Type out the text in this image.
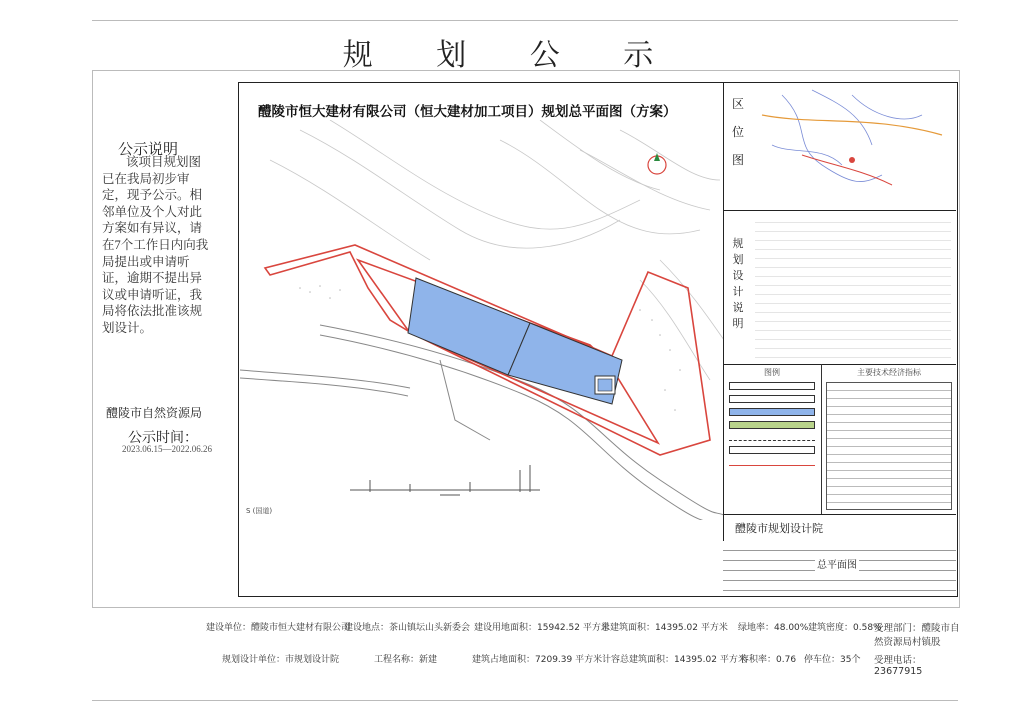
规 划 公 示
公示说明
该项目规划图已在我局初步审定，现予公示。相邻单位及个人对此方案如有异议，请在7个工作日内向我局提出或申请听证，逾期不提出异议或申请听证，我局将依法批准该规划设计。
醴陵市自然资源局
公示时间：
2023.06.15—2022.06.26
醴陵市恒大建材有限公司（恒大建材加工项目）规划总平面图（方案）
S (国道)
区位图
规划设计说明
图例	主要技术经济指标
醴陵市规划设计院
总平面图
建设单位：醴陵市恒大建材有限公司
建设地点：茶山镇坛山头新委会 建设用地面积：15942.52 平方米
总建筑面积：14395.02 平方米 绿地率：48.00% 建筑密度：0.58%
受理部门：醴陵市自然资源局村镇股
规划设计单位：市规划设计院	工程名称：新建	建筑占地面积：7209.39 平方米 计容总建筑面积：14395.02 平方米
容积率：0.76 停车位：35个 受理电话：23677915
